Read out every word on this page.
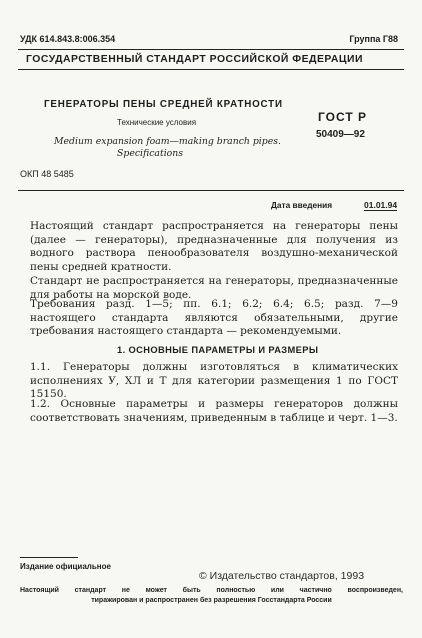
УДК 614.843.8:006.354	Группа Г88
ГОСУДАРСТВЕННЫЙ СТАНДАРТ РОССИЙСКОЙ ФЕДЕРАЦИИ
ГЕНЕРАТОРЫ ПЕНЫ СРЕДНЕЙ КРАТНОСТИ
Технические условия	ГОСТ Р
50409—92
Medium expansion foam—making branch pipes.
Specifications
ОКП 48 5485
Дата введения	01.01.94
Настоящий стандарт распространяется на генераторы пены (далее — генераторы), предназначенные для получения из водного раствора пенообразователя воздушно-механической пены средней кратности.
Стандарт не распространяется на генераторы, предназначенные для работы на морской воде.
Требования разд. 1—5; пп. 6.1; 6.2; 6.4; 6.5; разд. 7—9 настоящего стандарта являются обязательными, другие требования настоящего стандарта — рекомендуемыми.
1. ОСНОВНЫЕ ПАРАМЕТРЫ И РАЗМЕРЫ
1.1. Генераторы должны изготовляться в климатических исполнениях У, ХЛ и Т для категории размещения 1 по ГОСТ 15150.
1.2. Основные параметры и размеры генераторов должны соответствовать значениям, приведенным в таблице и черт. 1—3.
Издание официальное
© Издательство стандартов, 1993
Настоящий стандарт не может быть полностью или частично воспроизведен,
тиражирован и распространен без разрешения Госстандарта России
